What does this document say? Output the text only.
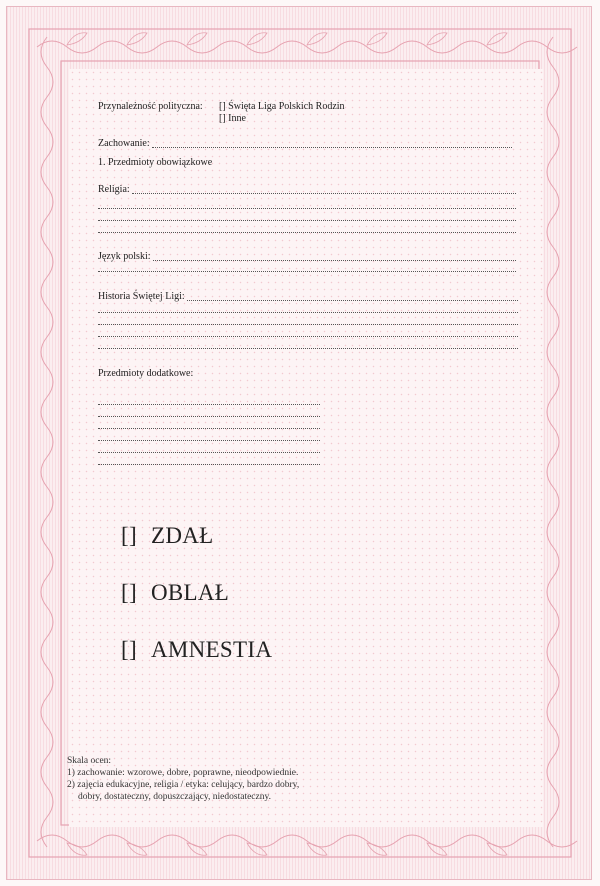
Przynależność polityczna: [] Święta Liga Polskich Rodzin
[] Inne
Zachowanie:
1. Przedmioty obowiązkowe
Religia:
Język polski:
Historia Świętej Ligi:
Przedmioty dodatkowe:
[] ZDAŁ
[] OBLAŁ
[] AMNESTIA
Skala ocen:
1) zachowanie: wzorowe, dobre, poprawne, nieodpowiednie.
2) zajęcia edukacyjne, religia / etyka: celujący, bardzo dobry,
dobry, dostateczny, dopuszczający, niedostateczny.
